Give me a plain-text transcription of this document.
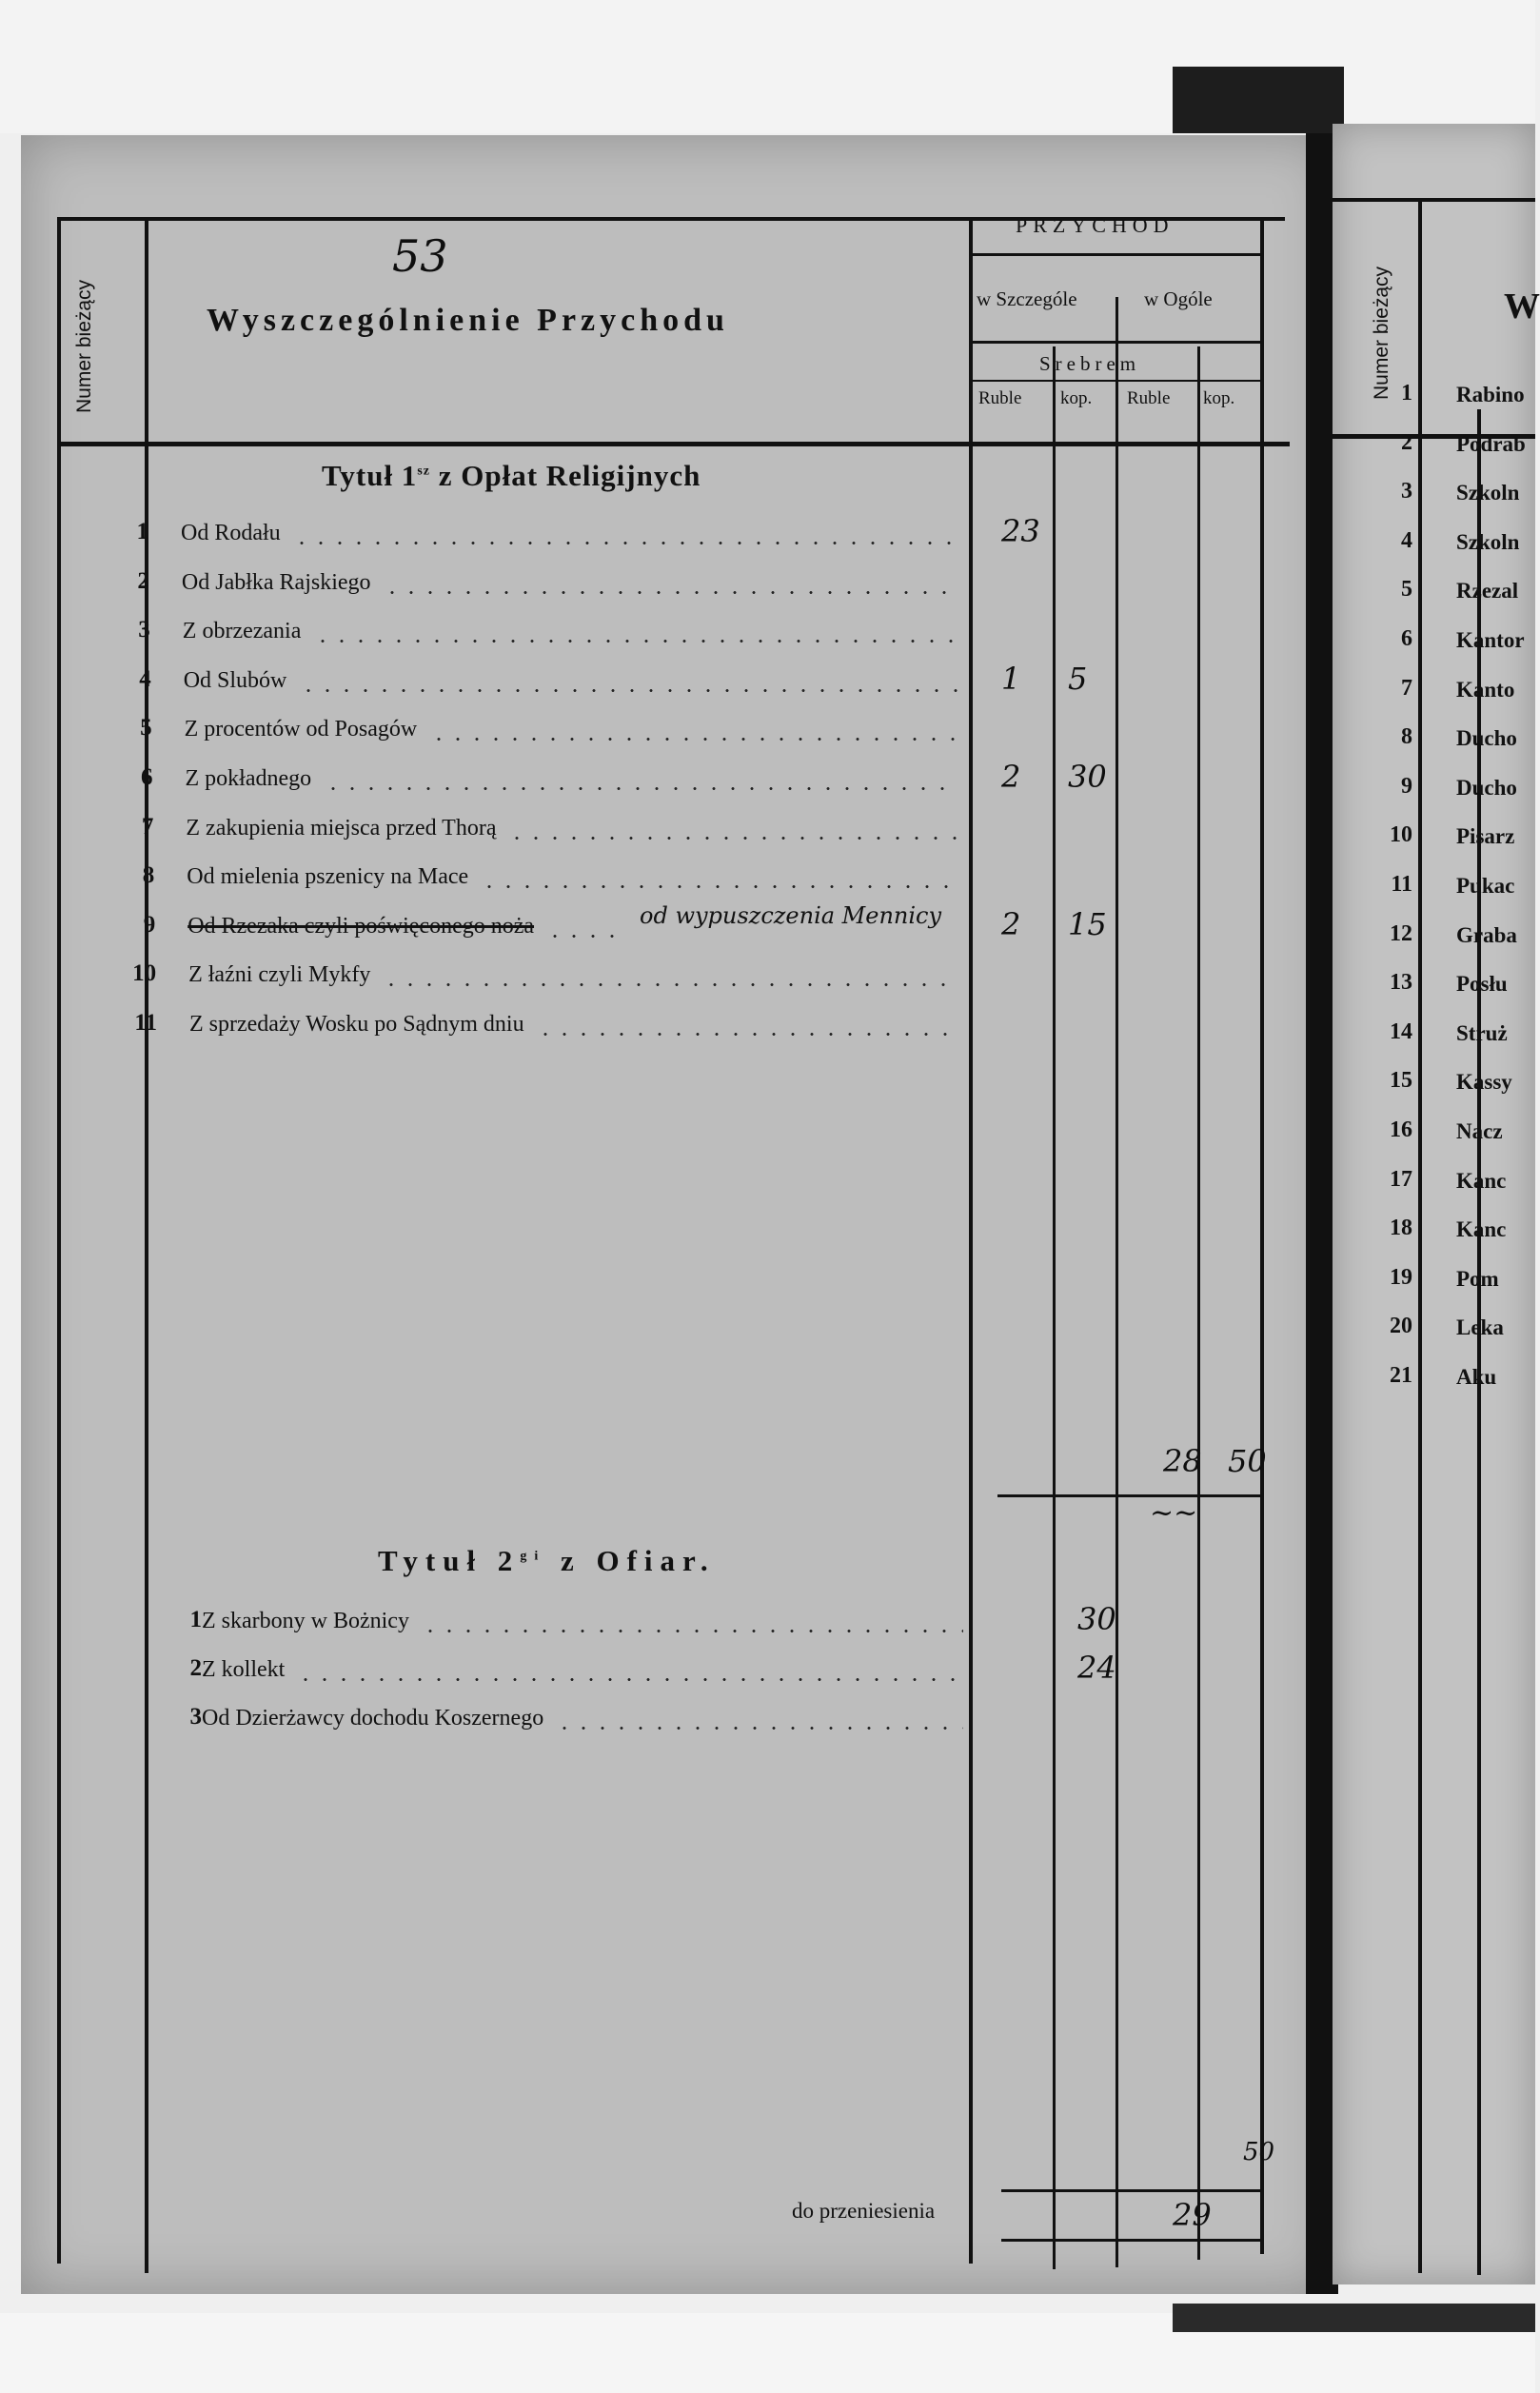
Numer bieżący
53
Wyszczególnienie Przychodu
PRZYCHOD
w Szczególe	w Ogóle
Srebrem
Ruble kop. Ruble kop.
Tytuł $1^{sz}$ z Opłat Religijnych
1 Od Rodału	23
2 Od Jabłka Rajskiego
3 Z obrzezania
4 Od Slubów	1 5
5 Z procentów od Posagów
6 Z pokładnego	2 30
7 Z zakupienia miejsca przed Thorą
8 Od mielenia pszenicy na Mace
9 Od Rzezaka czyli poświęconego noża	2 15
10 Z łaźni czyli Mykfy
11 Z sprzedaży Wosku po Sądnym dniu
od wypuszczenia Mennicy
28 50
~~
Tytuł $2^{gi}$ z Ofiar.
1 Z skarbony w Bożnicy	30
2 Z kollekt	24
3 Od Dzierżawcy dochodu Koszernego
do przeniesienia	29
50
Numer bieżący	W
1 Rabino
2 Podrab
3 Szkoln
4 Szkoln
5 Rzezal
6 Kantor
7 Kanto
8 Ducho
9 Ducho
10 Pisarz
11 Pukac
12 Graba
13 Posłu
14 Struż
15 Kassy
16 Nacz
17 Kanc
18 Kanc
19 Pom
20 Leka
21 Aku
